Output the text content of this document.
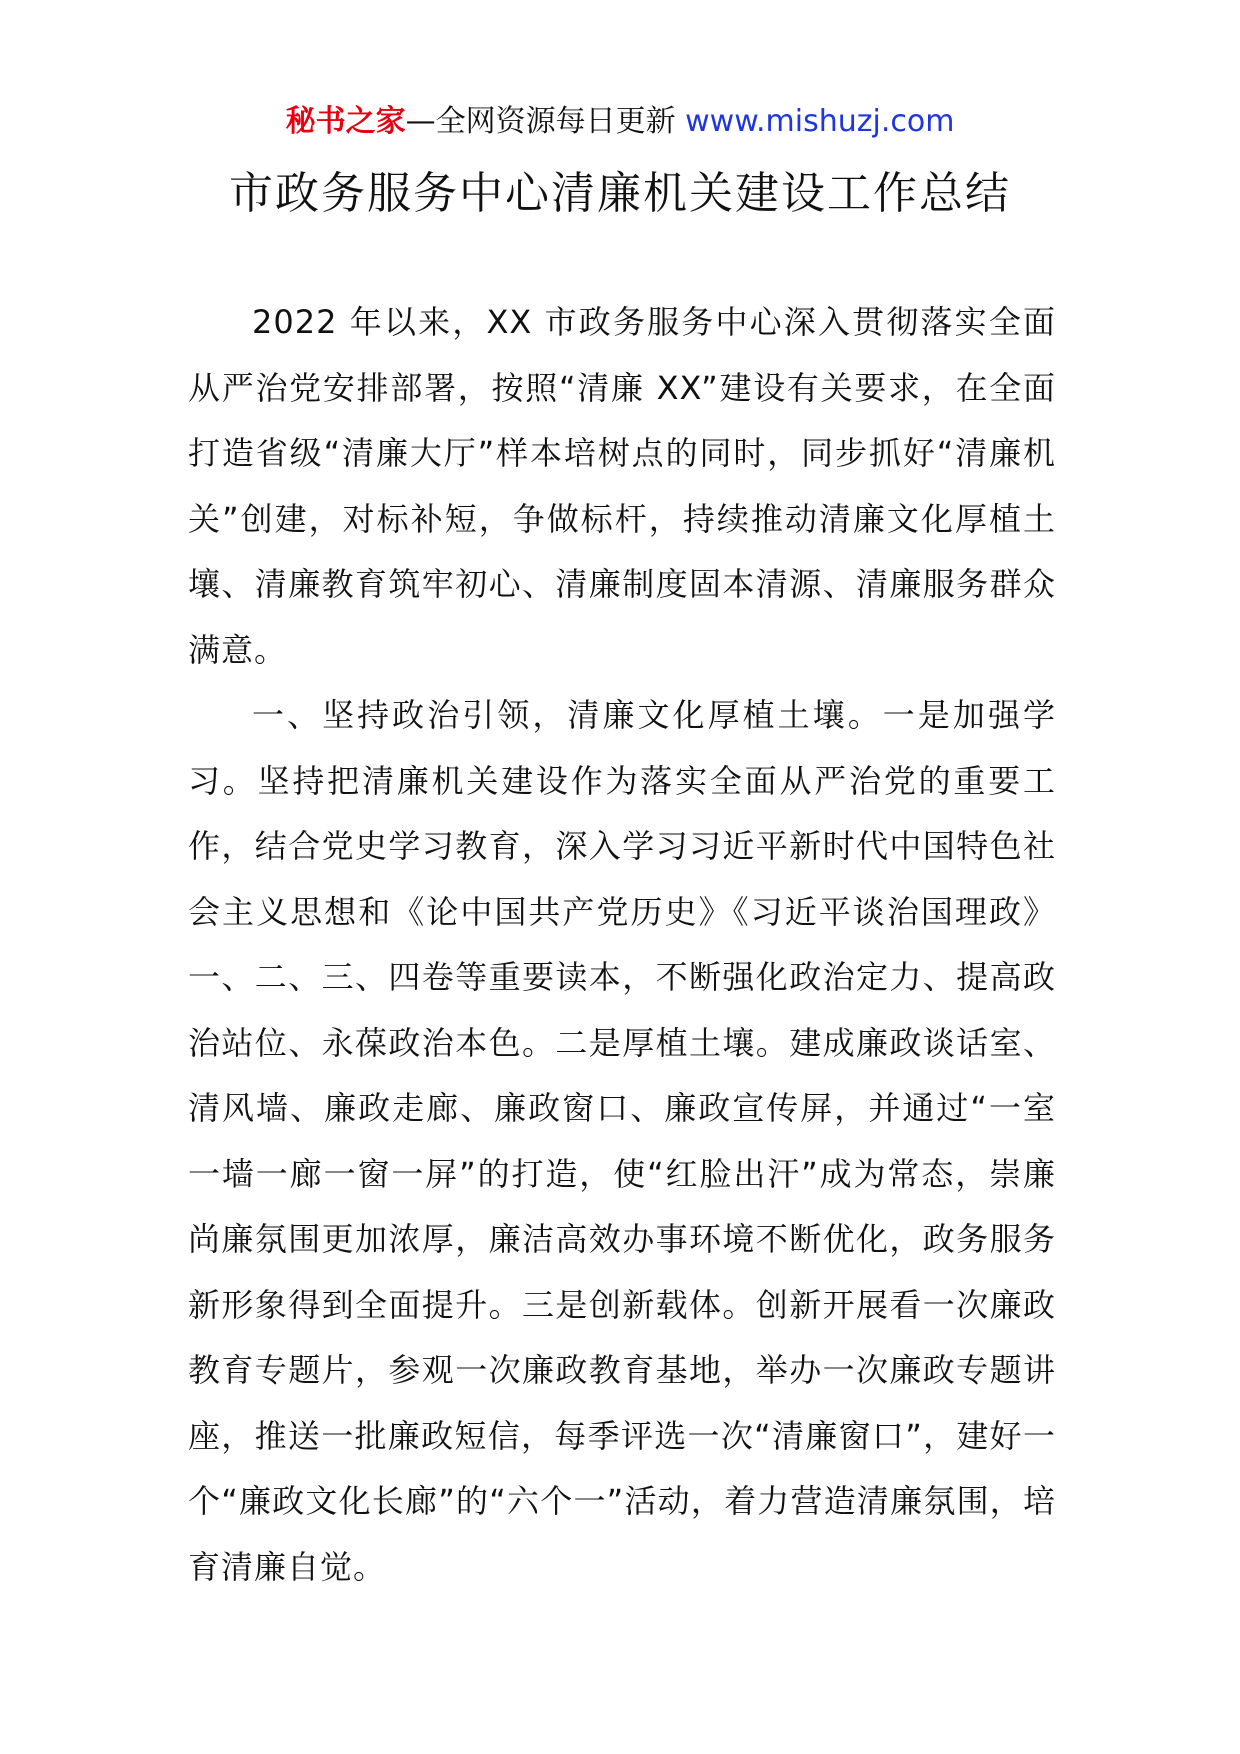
秘书之家—全网资源每日更新 www.mishuzj.com
市政务服务中心清廉机关建设工作总结

2022 年以来，XX 市政务服务中心深入贯彻落实全面从严治党安排部署，按照“清廉 XX”建设有关要求，在全面打造省级“清廉大厅”样本培树点的同时，同步抓好“清廉机关”创建，对标补短，争做标杆，持续推动清廉文化厚植土壤、清廉教育筑牢初心、清廉制度固本清源、清廉服务群众满意。

一、坚持政治引领，清廉文化厚植土壤。一是加强学习。坚持把清廉机关建设作为落实全面从严治党的重要工作，结合党史学习教育，深入学习习近平新时代中国特色社会主义思想和《论中国共产党历史》《习近平谈治国理政》一、二、三、四卷等重要读本，不断强化政治定力、提高政治站位、永葆政治本色。二是厚植土壤。建成廉政谈话室、清风墙、廉政走廊、廉政窗口、廉政宣传屏，并通过“一室一墙一廊一窗一屏”的打造，使“红脸出汗”成为常态，崇廉尚廉氛围更加浓厚，廉洁高效办事环境不断优化，政务服务新形象得到全面提升。三是创新载体。创新开展看一次廉政教育专题片，参观一次廉政教育基地，举办一次廉政专题讲座，推送一批廉政短信，每季评选一次“清廉窗口”，建好一个“廉政文化长廊”的“六个一”活动，着力营造清廉氛围，培育清廉自觉。
